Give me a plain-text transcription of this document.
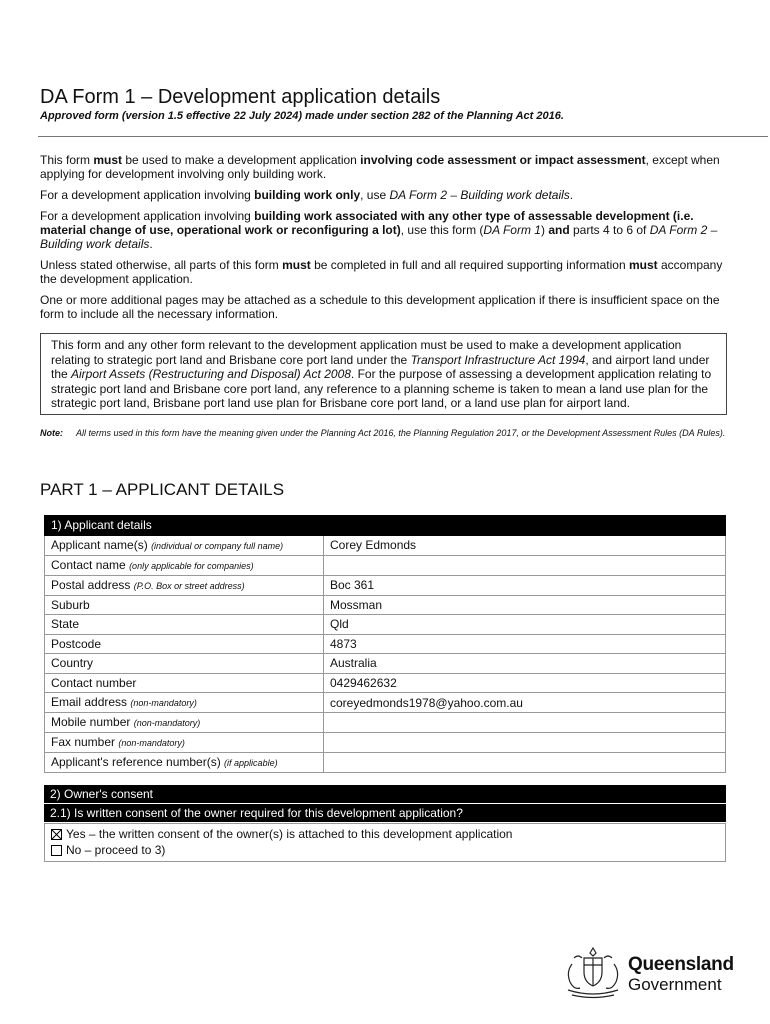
DA Form 1 – Development application details
Approved form (version 1.5 effective 22 July 2024) made under section 282 of the Planning Act 2016.

This form must be used to make a development application involving code assessment or impact assessment, except when applying for development involving only building work.

For a development application involving building work only, use DA Form 2 – Building work details.

For a development application involving building work associated with any other type of assessable development (i.e. material change of use, operational work or reconfiguring a lot), use this form (DA Form 1) and parts 4 to 6 of DA Form 2 – Building work details.

Unless stated otherwise, all parts of this form must be completed in full and all required supporting information must accompany the development application.

One or more additional pages may be attached as a schedule to this development application if there is insufficient space on the form to include all the necessary information.

This form and any other form relevant to the development application must be used to make a development application relating to strategic port land and Brisbane core port land under the Transport Infrastructure Act 1994, and airport land under the Airport Assets (Restructuring and Disposal) Act 2008. For the purpose of assessing a development application relating to strategic port land and Brisbane core port land, any reference to a planning scheme is taken to mean a land use plan for the strategic port land, Brisbane port land use plan for Brisbane core port land, or a land use plan for airport land.
Note: All terms used in this form have the meaning given under the Planning Act 2016, the Planning Regulation 2017, or the Development Assessment Rules (DA Rules).
PART 1 – APPLICANT DETAILS
1) Applicant details	
Applicant name(s) (individual or company full name)	Corey Edmonds
Contact name (only applicable for companies)	
Postal address (P.O. Box or street address)	Boc 361
Suburb	Mossman
State	Qld
Postcode	4873
Country	Australia
Contact number	0429462632
Email address (non-mandatory)	coreyedmonds1978@yahoo.com.au
Mobile number (non-mandatory)	
Fax number (non-mandatory)	
Applicant's reference number(s) (if applicable)	
2) Owner's consent
2.1) Is written consent of the owner required for this development application?
Yes – the written consent of the owner(s) is attached to this development application
No – proceed to 3)
Queensland
Government
